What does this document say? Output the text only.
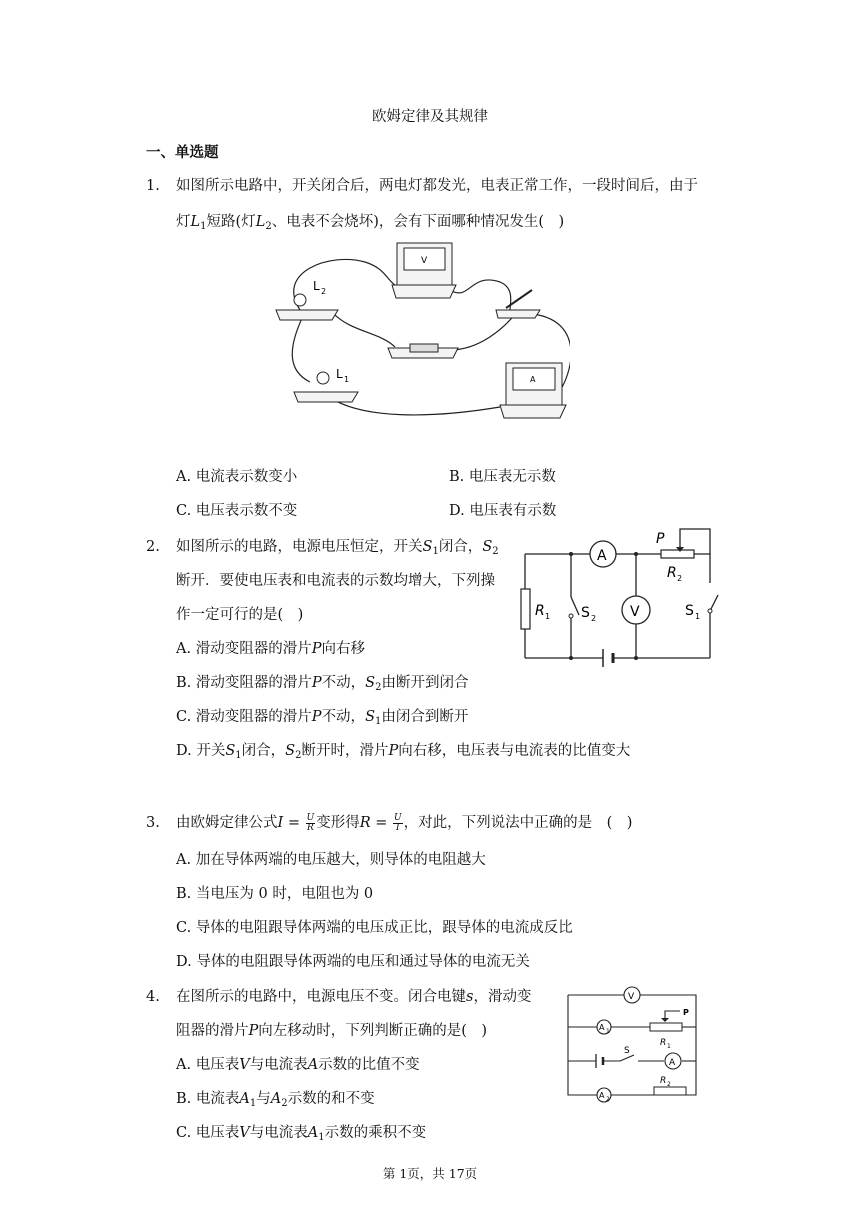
欧姆定律及其规律
一、单选题
1. 如图所示电路中，开关闭合后，两电灯都发光，电表正常工作，一段时间后，由于
灯$L_1$短路(灯$L_2$、电表不会烧坏)，会有下面哪种情况发生(　)
L 2
L 1
V
A
A. 电流表示数变小	B. 电压表无示数
C. 电压表示数不变	D. 电压表有示数
2. 如图所示的电路，电源电压恒定，开关$S_1$闭合，$S_2$
断开．要使电压表和电流表的示数均增大，下列操
作一定可行的是(　)
A
V
P
R 2
R 1 S 2	S 1
A. 滑动变阻器的滑片P向右移
B. 滑动变阻器的滑片P不动，$S_2$由断开到闭合
C. 滑动变阻器的滑片P不动，$S_1$由闭合到断开
D. 开关$S_1$闭合，$S_2$断开时，滑片P向右移，电压表与电流表的比值变大
3. 由欧姆定律公式$I = \frac{U}{R}$ 变形得$R = \frac{U}{I}$ ，对此，下列说法中正确的是　(　)
A. 加在导体两端的电压越大，则导体的电阻越大
B. 当电压为 0 时，电阻也为 0
C. 导体的电阻跟导体两端的电压成正比，跟导体的电流成反比
D. 导体的电阻跟导体两端的电压和通过导体的电流无关
4. 在图所示的电路中，电源电压不变。闭合电键s，滑动变
阻器的滑片P向左移动时，下列判断正确的是(　)
V
A 1
A
A 2
P
R 1
R 2
S
A. 电压表V与电流表A示数的比值不变
B. 电流表$A_1$与$A_2$示数的和不变
C. 电压表V与电流表$A_1$示数的乘积不变
第 1页，共 17页
